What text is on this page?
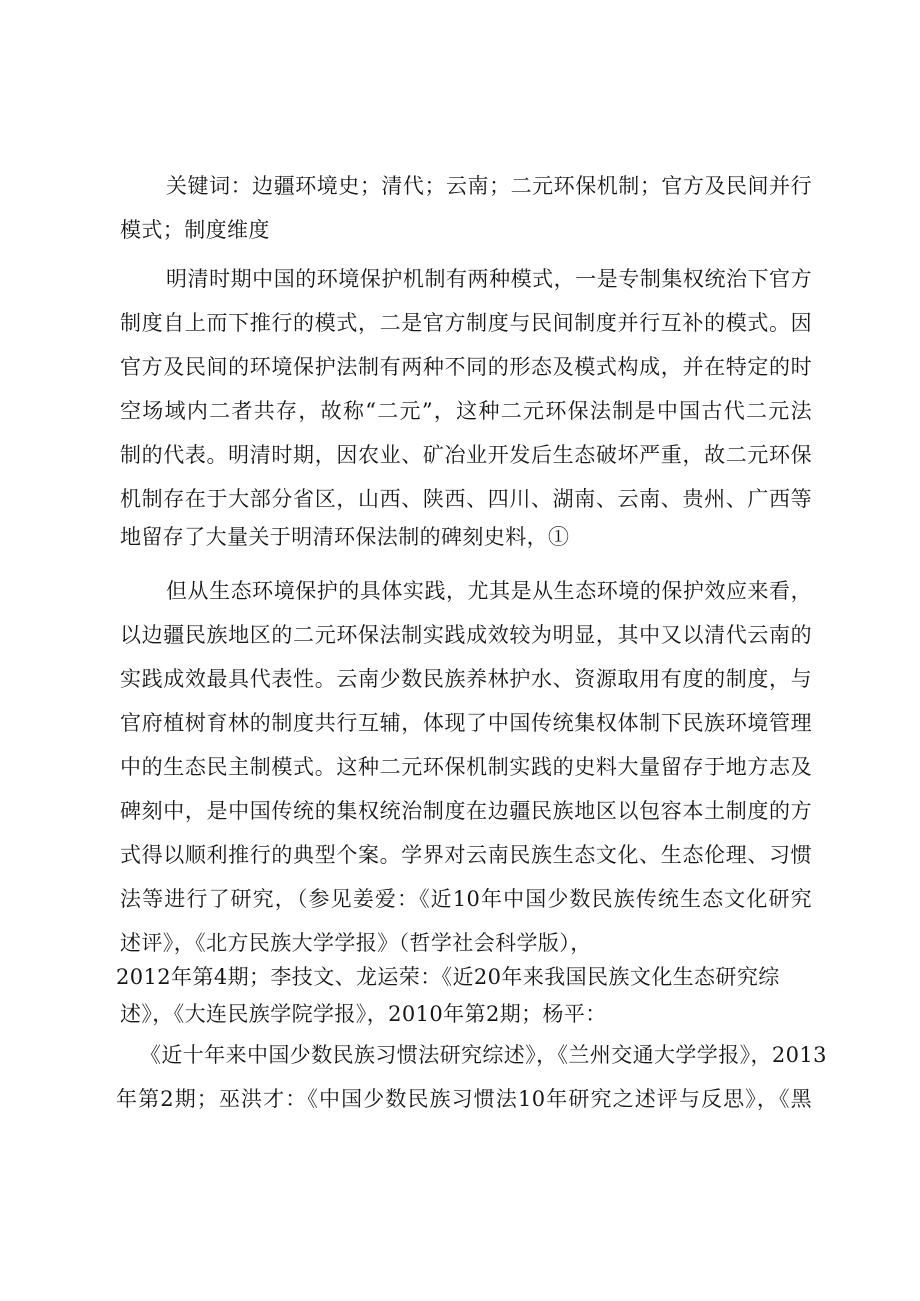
关键词：边疆环境史；清代；云南；二元环保机制；官方及民间并行
模式；制度维度
明清时期中国的环境保护机制有两种模式，一是专制集权统治下官方
制度自上而下推行的模式，二是官方制度与民间制度并行互补的模式。因
官方及民间的环境保护法制有两种不同的形态及模式构成，并在特定的时
空场域内二者共存，故称“二元”，这种二元环保法制是中国古代二元法
制的代表。明清时期，因农业、矿冶业开发后生态破坏严重，故二元环保
机制存在于大部分省区，山西、陕西、四川、湖南、云南、贵州、广西等
地留存了大量关于明清环保法制的碑刻史料，①
但从生态环境保护的具体实践，尤其是从生态环境的保护效应来看，
以边疆民族地区的二元环保法制实践成效较为明显，其中又以清代云南的
实践成效最具代表性。云南少数民族养林护水、资源取用有度的制度，与
官府植树育林的制度共行互辅，体现了中国传统集权体制下民族环境管理
中的生态民主制模式。这种二元环保机制实践的史料大量留存于地方志及
碑刻中，是中国传统的集权统治制度在边疆民族地区以包容本土制度的方
式得以顺利推行的典型个案。学界对云南民族生态文化、生态伦理、习惯
法等进行了研究，（参见姜爱：《近10年中国少数民族传统生态文化研究
述评》，《北方民族大学学报》（哲学社会科学版），
2012年第4期；李技文、龙运荣：《近20年来我国民族文化生态研究综
述》，《大连民族学院学报》，2010年第2期；杨平：
《近十年来中国少数民族习惯法研究综述》，《兰州交通大学学报》，2013
年第2期；巫洪才：《中国少数民族习惯法10年研究之述评与反思》，《黑
